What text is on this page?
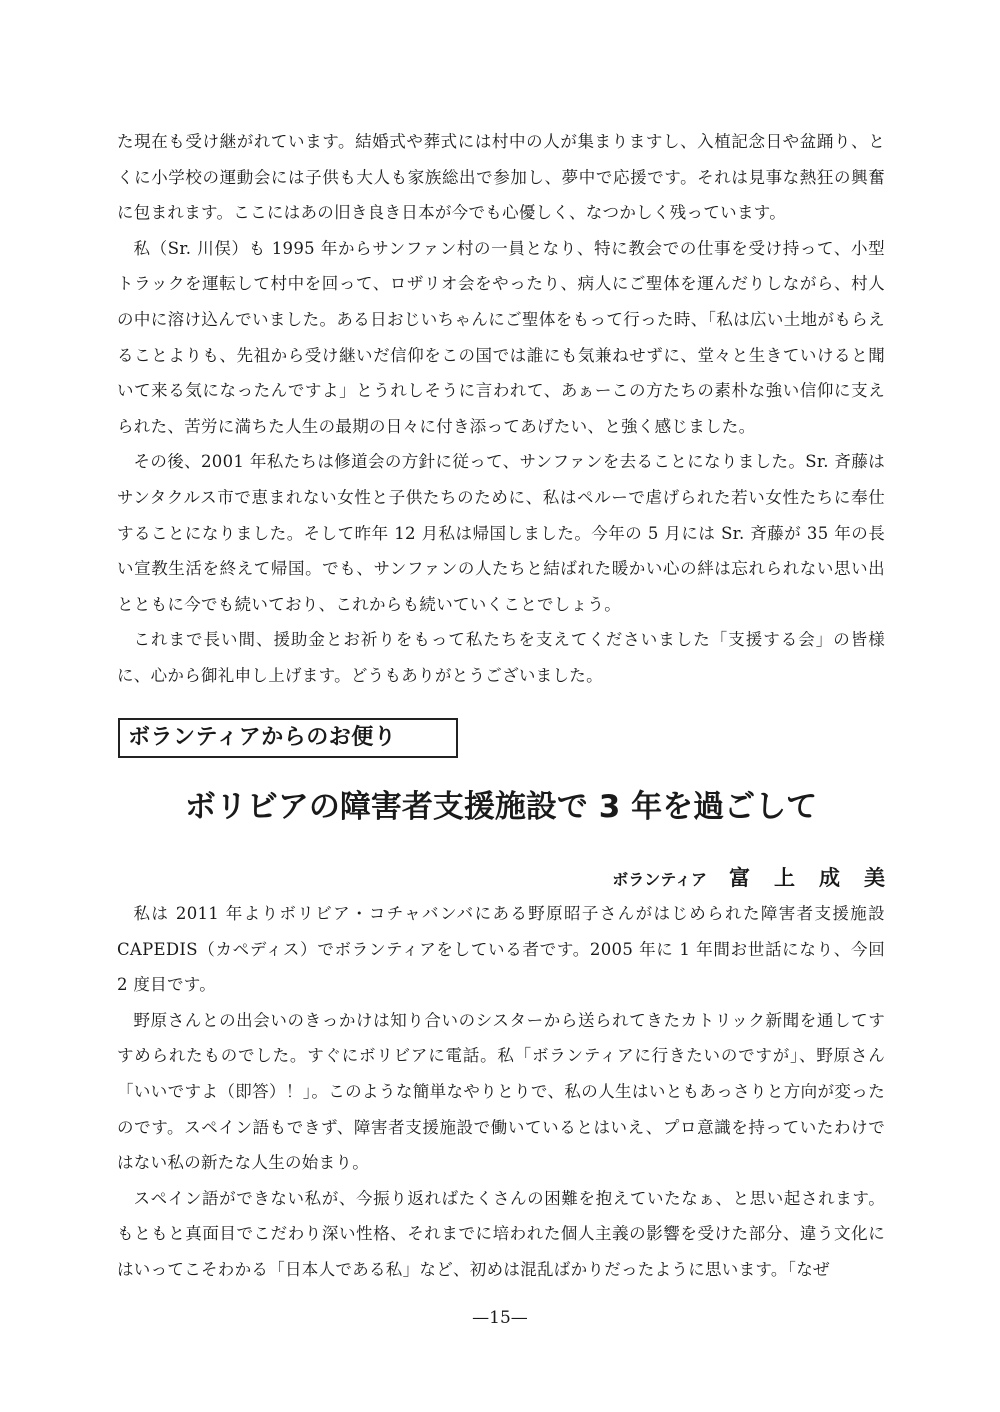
た現在も受け継がれています。結婚式や葬式には村中の人が集まりますし、入植記念日や盆踊り、とくに小学校の運動会には子供も大人も家族総出で参加し、夢中で応援です。それは見事な熱狂の興奮に包まれます。ここにはあの旧き良き日本が今でも心優しく、なつかしく残っています。

私（Sr. 川俣）も 1995 年からサンファン村の一員となり、特に教会での仕事を受け持って、小型トラックを運転して村中を回って、ロザリオ会をやったり、病人にご聖体を運んだりしながら、村人の中に溶け込んでいました。ある日おじいちゃんにご聖体をもって行った時、「私は広い土地がもらえることよりも、先祖から受け継いだ信仰をこの国では誰にも気兼ねせずに、堂々と生きていけると聞いて来る気になったんですよ」とうれしそうに言われて、あぁーこの方たちの素朴な強い信仰に支えられた、苦労に満ちた人生の最期の日々に付き添ってあげたい、と強く感じました。

その後、2001 年私たちは修道会の方針に従って、サンファンを去ることになりました。Sr. 斉藤はサンタクルス市で恵まれない女性と子供たちのために、私はペルーで虐げられた若い女性たちに奉仕することになりました。そして昨年 12 月私は帰国しました。今年の 5 月には Sr. 斉藤が 35 年の長い宣教生活を終えて帰国。でも、サンファンの人たちと結ばれた暖かい心の絆は忘れられない思い出とともに今でも続いており、これからも続いていくことでしょう。

これまで長い間、援助金とお祈りをもって私たちを支えてくださいました「支援する会」の皆様に、心から御礼申し上げます。どうもありがとうございました。

ボランティアからのお便り
ボリビアの障害者支援施設で 3 年を過ごして
ボランティア 富上成美

私は 2011 年よりボリビア・コチャバンバにある野原昭子さんがはじめられた障害者支援施設 CAPEDIS（カペディス）でボランティアをしている者です。2005 年に 1 年間お世話になり、今回 2 度目です。

野原さんとの出会いのきっかけは知り合いのシスターから送られてきたカトリック新聞を通してすすめられたものでした。すぐにボリビアに電話。私「ボランティアに行きたいのですが」、野原さん「いいですよ（即答）！」。このような簡単なやりとりで、私の人生はいともあっさりと方向が変ったのです。スペイン語もできず、障害者支援施設で働いているとはいえ、プロ意識を持っていたわけではない私の新たな人生の始まり。

スペイン語ができない私が、今振り返ればたくさんの困難を抱えていたなぁ、と思い起されます。もともと真面目でこだわり深い性格、それまでに培われた個人主義の影響を受けた部分、違う文化にはいってこそわかる「日本人である私」など、初めは混乱ばかりだったように思います。「なぜ

—15—
